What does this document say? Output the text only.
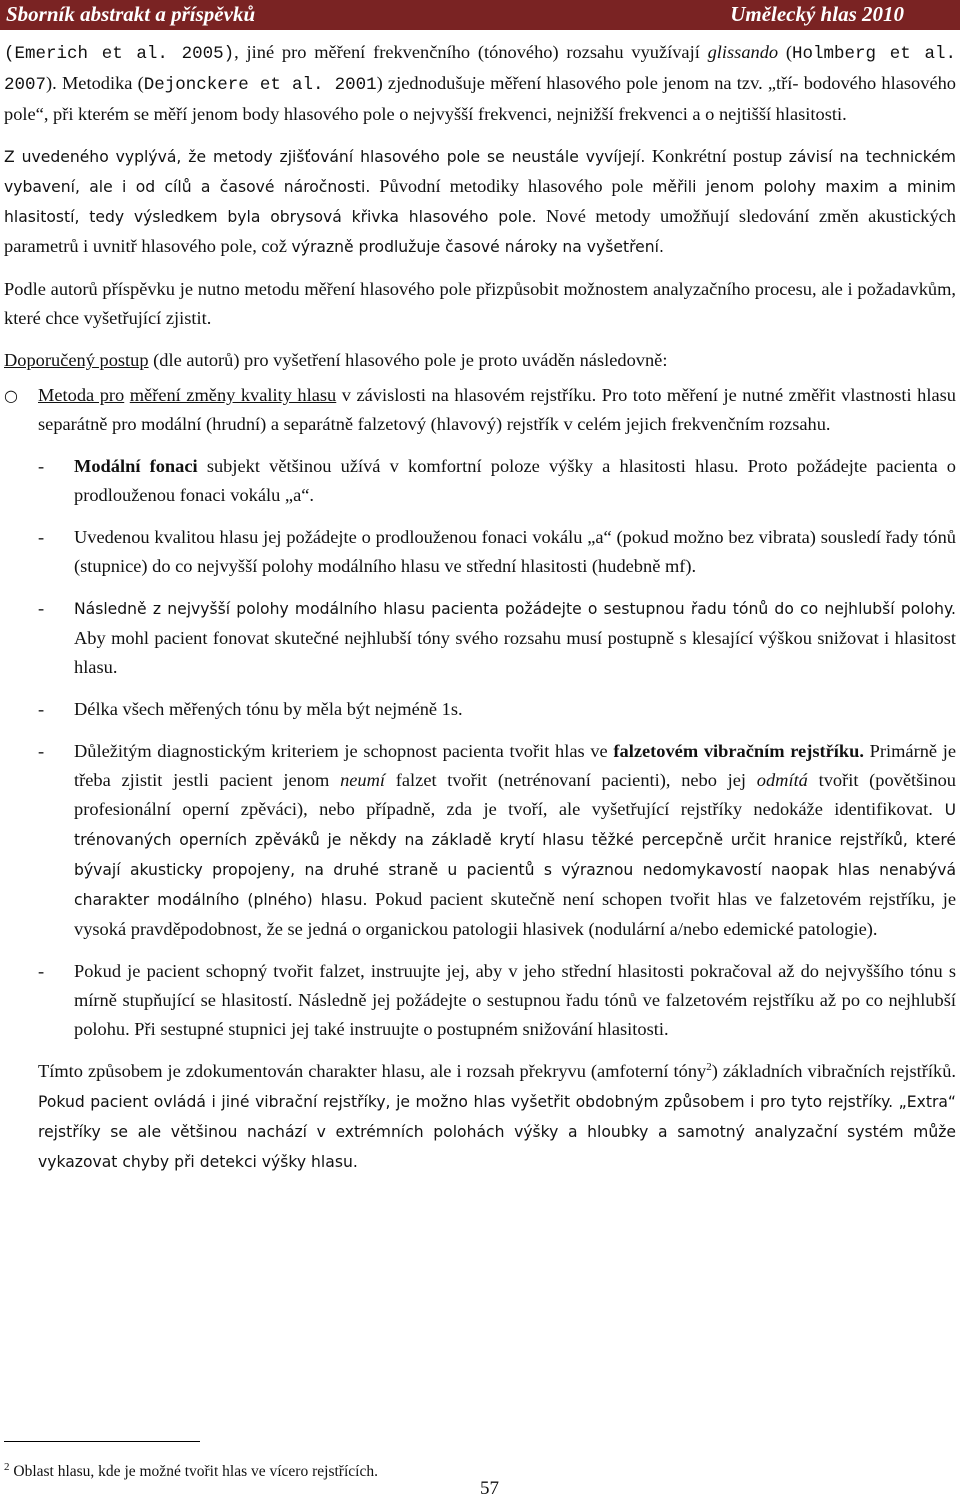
Sborník abstrakt a příspěvků	Umělecký hlas 2010

(Emerich et al. 2005), jiné pro měření frekvenčního (tónového) rozsahu využívají glissando (Holmberg et al. 2007). Metodika (Dejonckere et al. 2001) zjednodušuje měření hlasového pole jenom na tzv. „tří- bodového hlasového pole“, při kterém se měří jenom body hlasového pole o nejvyšší frekvenci, nejnižší frekvenci a o nejtišší hlasitosti.

Z uvedeného vyplývá, že metody zjišťování hlasového pole se neustále vyvíjejí. Konkrétní postup závisí na technickém vybavení, ale i od cílů a časové náročnosti. Původní metodiky hlasového pole měřili jenom polohy maxim a minim hlasitostí, tedy výsledkem byla obrysová křivka hlasového pole. Nové metody umožňují sledování změn akustických parametrů i uvnitř hlasového pole, což výrazně prodlužuje časové nároky na vyšetření.

Podle autorů příspěvku je nutno metodu měření hlasového pole přizpůsobit možnostem analyzačního procesu, ale i požadavkům, které chce vyšetřující zjistit.

Doporučený postup (dle autorů) pro vyšetření hlasového pole je proto uváděn následovně:

○ Metoda pro měření změny kvality hlasu v závislosti na hlasovém rejstříku. Pro toto měření je nutné změřit vlastnosti hlasu separátně pro modální (hrudní) a separátně falzetový (hlavový) rejstřík v celém jejich frekvenčním rozsahu.

- Modální fonaci subjekt většinou užívá v komfortní poloze výšky a hlasitosti hlasu. Proto požádejte pacienta o prodlouženou fonaci vokálu „a“.

- Uvedenou kvalitou hlasu jej požádejte o prodlouženou fonaci vokálu „a“ (pokud možno bez vibrata) sousledí řady tónů (stupnice) do co nejvyšší polohy modálního hlasu ve střední hlasitosti (hudebně mf).

- Následně z nejvyšší polohy modálního hlasu pacienta požádejte o sestupnou řadu tónů do co nejhlubší polohy. Aby mohl pacient fonovat skutečné nejhlubší tóny svého rozsahu musí postupně s klesající výškou snižovat i hlasitost hlasu.

- Délka všech měřených tónu by měla být nejméně 1s.

- Důležitým diagnostickým kriteriem je schopnost pacienta tvořit hlas ve falzetovém vibračním rejstříku. Primárně je třeba zjistit jestli pacient jenom neumí falzet tvořit (netrénovaní pacienti), nebo jej odmítá tvořit (povětšinou profesionální operní zpěváci), nebo případně, zda je tvoří, ale vyšetřující rejstříky nedokáže identifikovat. U trénovaných operních zpěváků je někdy na základě krytí hlasu těžké percepčně určit hranice rejstříků, které bývají akusticky propojeny, na druhé straně u pacientů s výraznou nedomykavostí naopak hlas nenabývá charakter modálního (plného) hlasu. Pokud pacient skutečně není schopen tvořit hlas ve falzetovém rejstříku, je vysoká pravděpodobnost, že se jedná o organickou patologii hlasivek (nodulární a/nebo edemické patologie).

- Pokud je pacient schopný tvořit falzet, instruujte jej, aby v jeho střední hlasitosti pokračoval až do nejvyššího tónu s mírně stupňující se hlasitostí. Následně jej požádejte o sestupnou řadu tónů ve falzetovém rejstříku až po co nejhlubší polohu. Při sestupné stupnici jej také instruujte o postupném snižování hlasitosti.

Tímto způsobem je zdokumentován charakter hlasu, ale i rozsah překryvu (amfoterní tóny$^2$) základních vibračních rejstříků. Pokud pacient ovládá i jiné vibrační rejstříky, je možno hlas vyšetřit obdobným způsobem i pro tyto rejstříky. „Extra“ rejstříky se ale většinou nachází v extrémních polohách výšky a hloubky a samotný analyzační systém může vykazovat chyby při detekci výšky hlasu.

$^2$ Oblast hlasu, kde je možné tvořit hlas ve vícero rejstřících.
57
